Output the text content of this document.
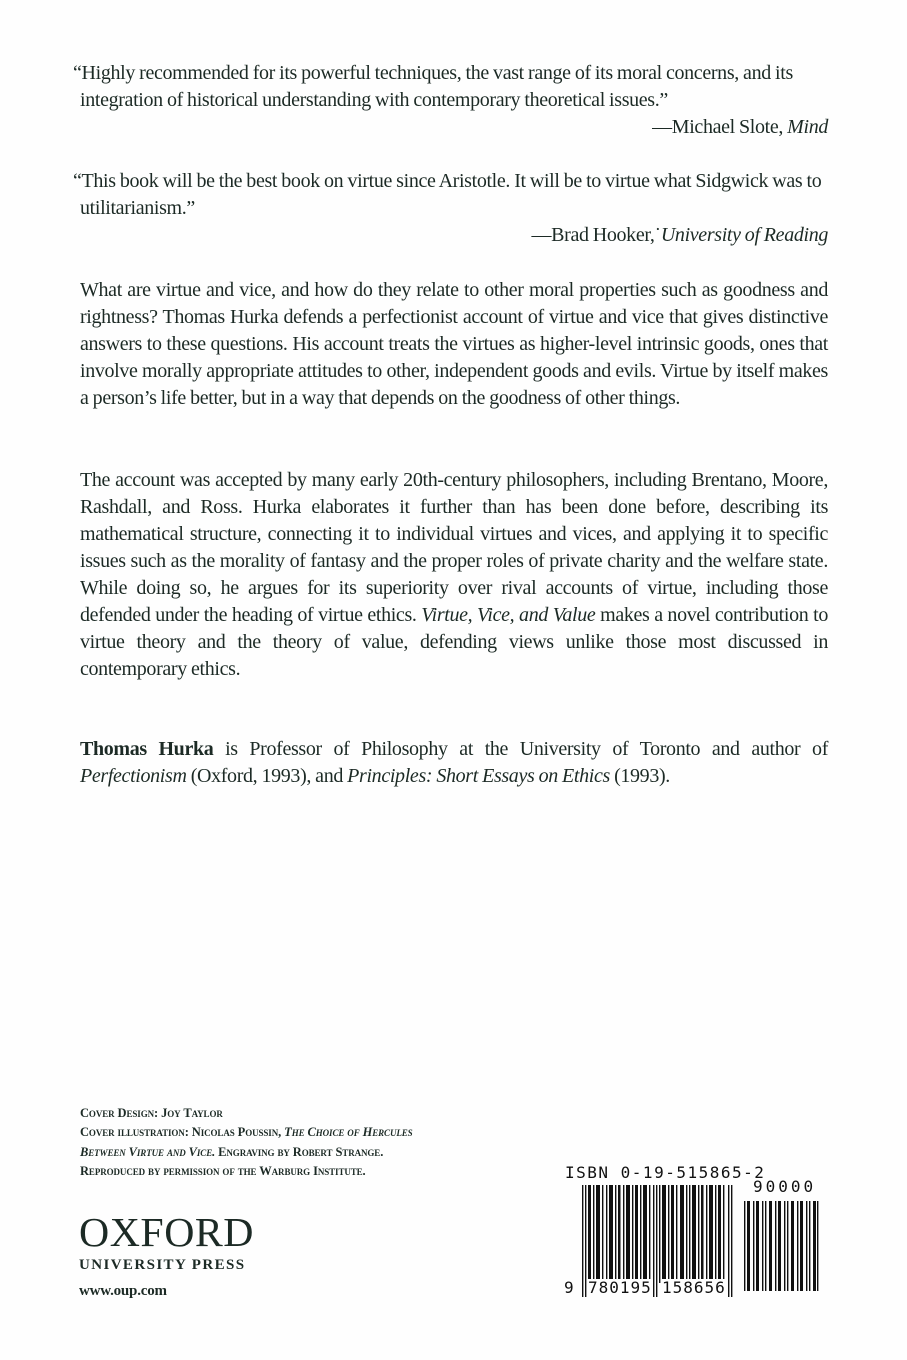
“Highly recommended for its powerful techniques, the vast range of its moral concerns, and its integration of historical understanding with contemporary theoretical issues.”

—Michael Slote, Mind

“This book will be the best book on virtue since Aristotle. It will be to virtue what Sidgwick was to utilitarianism.”

—Brad Hooker,˙University of Reading

What are virtue and vice, and how do they relate to other moral properties such as goodness and rightness? Thomas Hurka defends a perfectionist account of virtue and vice that gives distinctive answers to these questions. His account treats the virtues as higher-level intrinsic goods, ones that involve morally appropriate attitudes to other, independent goods and evils. Virtue by itself makes a person’s life better, but in a way that depends on the goodness of other things.

The account was accepted by many early 20th-century philosophers, including Brentano, Moore, Rashdall, and Ross. Hurka elaborates it further than has been done before, describing its mathematical structure, connecting it to individual virtues and vices, and applying it to specific issues such as the morality of fantasy and the proper roles of private charity and the welfare state. While doing so, he argues for its superiority over rival accounts of virtue, including those defended under the heading of virtue ethics. Virtue, Vice, and Value makes a novel contribution to virtue theory and the theory of value, defending views unlike those most discussed in contemporary ethics.

Thomas Hurka is Professor of Philosophy at the University of Toronto and author of Perfectionism (Oxford, 1993), and Principles: Short Essays on Ethics (1993).

Cover Design: Joy Taylor

Cover illustration: Nicolas Poussin, The Choice of Hercules

Between Virtue and Vice. Engraving by Robert Strange.

Reproduced by permission of the Warburg Institute.

OXFORD
UNIVERSITY PRESS
www.oup.com
ISBN 0-19-515865-2
90000
9 780195 158656
